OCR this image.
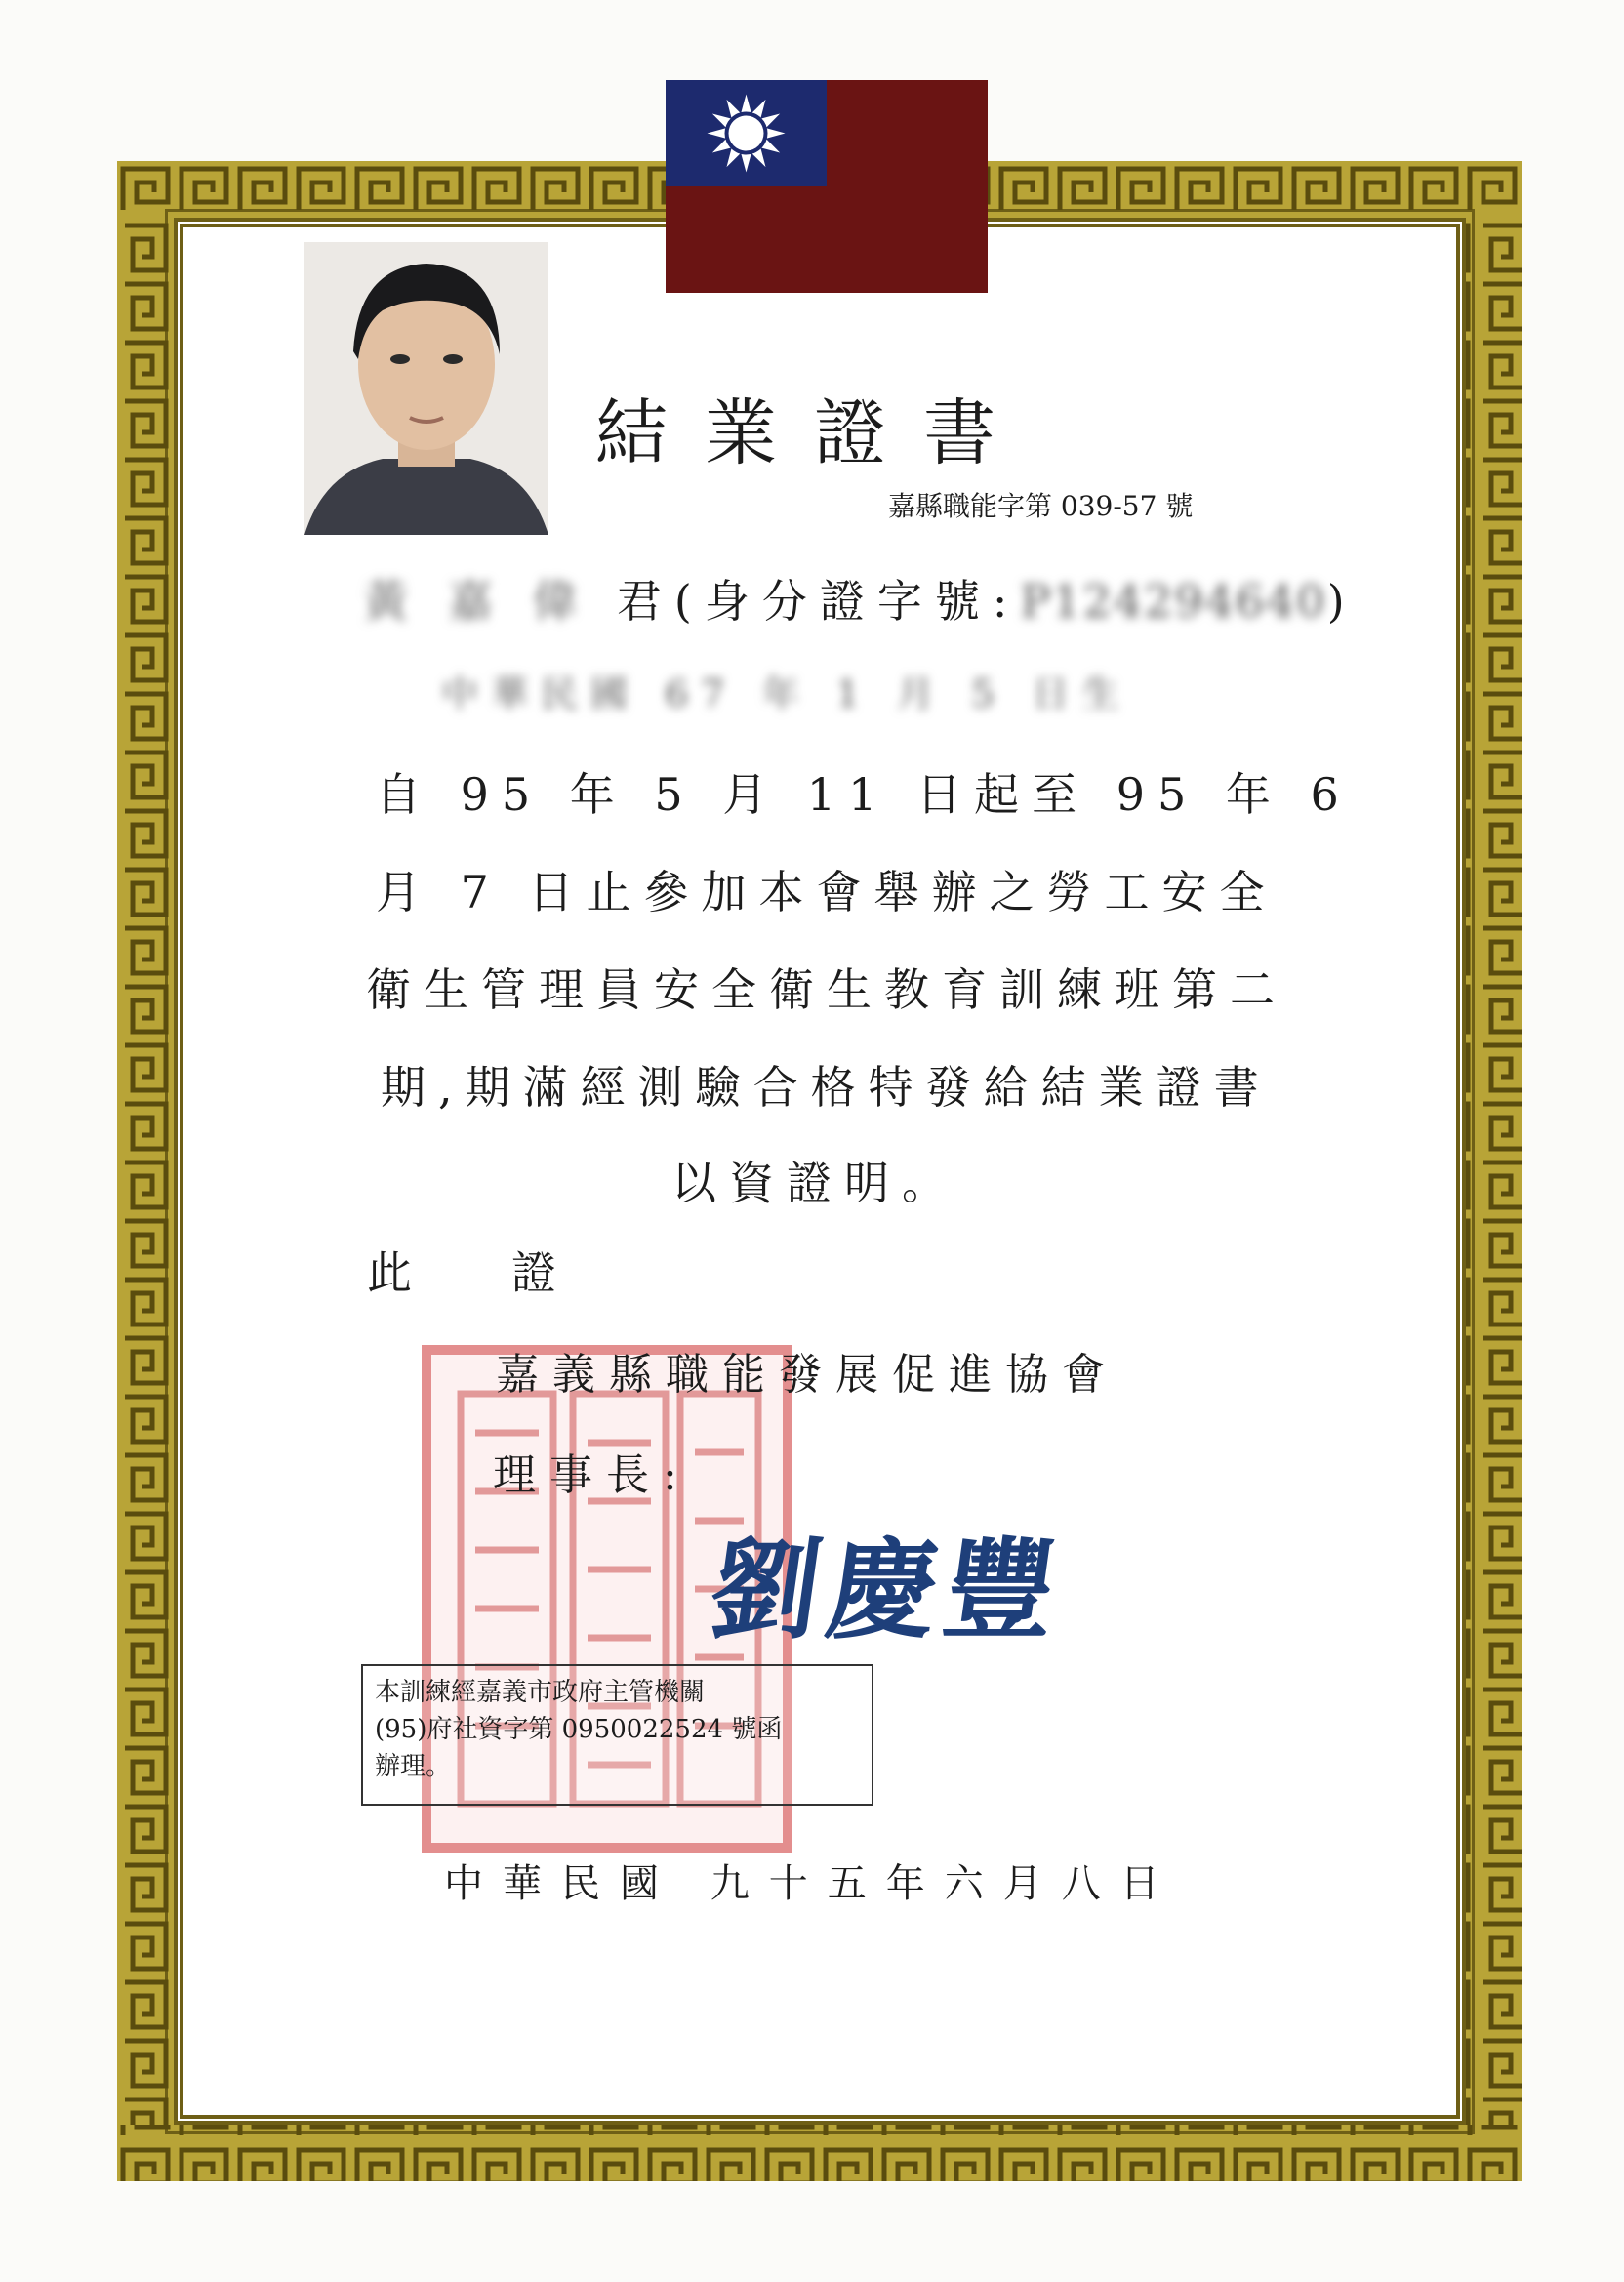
結業證書
嘉縣職能字第 039-57 號
黃 嘉 偉 君(身分證字號:P124294640)
中華民國 67 年 1 月 5 日生
自 95 年 5 月 11 日起至 95 年 6
月 7 日止參加本會舉辦之勞工安全
衛生管理員安全衛生教育訓練班第二
期,期滿經測驗合格特發給結業證書
以資證明。
此 證
嘉義縣職能發展促進協會
理事長:
劉慶豐
本訓練經嘉義市政府主管機關
(95)府社資字第 0950022524 號函
辦理。
中華民國 九十五年六月八日
